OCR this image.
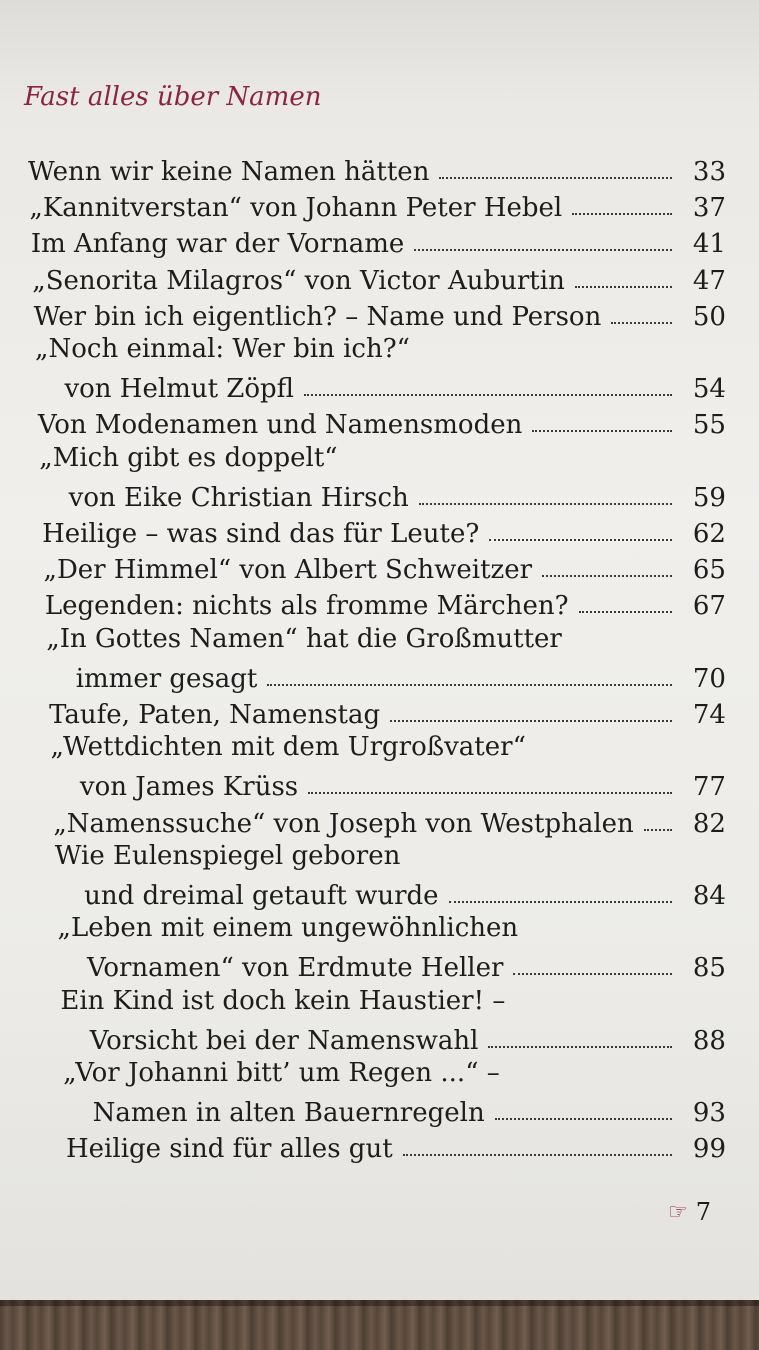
Fast alles über Namen
Wenn wir keine Namen hätten	33
„Kannitverstan“ von Johann Peter Hebel	37
Im Anfang war der Vorname	41
„Senorita Milagros“ von Victor Auburtin	47
Wer bin ich eigentlich? – Name und Person	50
„Noch einmal: Wer bin ich?“
von Helmut Zöpfl	54
Von Modenamen und Namensmoden	55
„Mich gibt es doppelt“
von Eike Christian Hirsch	59
Heilige – was sind das für Leute?	62
„Der Himmel“ von Albert Schweitzer	65
Legenden: nichts als fromme Märchen?	67
„In Gottes Namen“ hat die Großmutter
immer gesagt	70
Taufe, Paten, Namenstag	74
„Wettdichten mit dem Urgroßvater“
von James Krüss	77
„Namenssuche“ von Joseph von Westphalen	82
Wie Eulenspiegel geboren
und dreimal getauft wurde	84
„Leben mit einem ungewöhnlichen
Vornamen“ von Erdmute Heller	85
Ein Kind ist doch kein Haustier! –
Vorsicht bei der Namenswahl	88
„Vor Johanni bitt’ um Regen ...“ –
Namen in alten Bauernregeln	93
Heilige sind für alles gut	99
☞ 7
